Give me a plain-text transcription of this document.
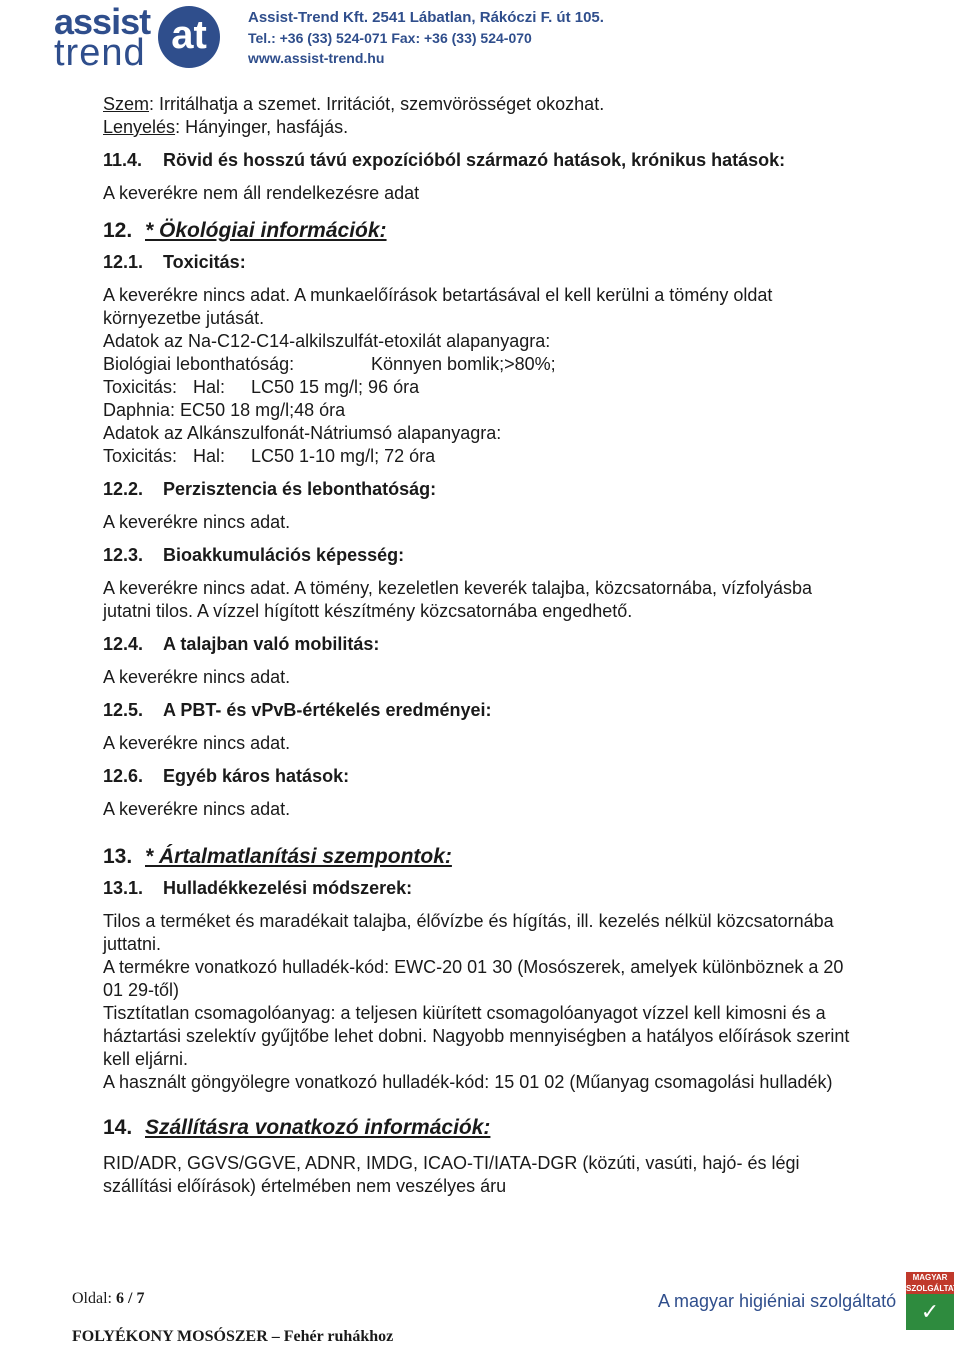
assist
trend at	Assist-Trend Kft. 2541 Lábatlan, Rákóczi F. út 105.
Tel.: +36 (33) 524-071 Fax: +36 (33) 524-070
www.assist-trend.hu
Szem: Irritálhatja a szemet. Irritációt, szemvörösséget okozhat.
Lenyelés: Hányinger, hasfájás.
11.4. Rövid és hosszú távú expozícióból származó hatások, krónikus hatások:
A keverékre nem áll rendelkezésre adat
12. * Ökológiai információk:
12.1. Toxicitás:
A keverékre nincs adat. A munkaelőírások betartásával el kell kerülni a tömény oldat
környezetbe jutását.
Adatok az Na-C12-C14-alkilszulfát-etoxilát alapanyagra:
Biológiai lebonthatóság:	Könnyen bomlik;>80%;
Toxicitás: Hal: LC50 15 mg/l; 96 óra
Daphnia: EC50 18 mg/l;48 óra
Adatok az Alkánszulfonát-Nátriumsó alapanyagra:
Toxicitás: Hal: LC50 1-10 mg/l; 72 óra
12.2. Perzisztencia és lebonthatóság:
A keverékre nincs adat.
12.3. Bioakkumulációs képesség:
A keverékre nincs adat. A tömény, kezeletlen keverék talajba, közcsatornába, vízfolyásba
jutatni tilos. A vízzel hígított készítmény közcsatornába engedhető.
12.4. A talajban való mobilitás:
A keverékre nincs adat.
12.5. A PBT- és vPvB-értékelés eredményei:
A keverékre nincs adat.
12.6. Egyéb káros hatások:
A keverékre nincs adat.
13. * Ártalmatlanítási szempontok:
13.1. Hulladékkezelési módszerek:
Tilos a terméket és maradékait talajba, élővízbe és hígítás, ill. kezelés nélkül közcsatornába
juttatni.
A termékre vonatkozó hulladék-kód: EWC-20 01 30 (Mosószerek, amelyek különböznek a 20
01 29-től)
Tisztítatlan csomagolóanyag: a teljesen kiürített csomagolóanyagot vízzel kell kimosni és a
háztartási szelektív gyűjtőbe lehet dobni. Nagyobb mennyiségben a hatályos előírások szerint
kell eljárni.
A használt göngyölegre vonatkozó hulladék-kód: 15 01 02 (Műanyag csomagolási hulladék)
14. Szállításra vonatkozó információk:
RID/ADR, GGVS/GGVE, ADNR, IMDG, ICAO-TI/IATA-DGR (közúti, vasúti, hajó- és légi
szállítási előírások) értelmében nem veszélyes áru
Oldal: 6 / 7
FOLYÉKONY MOSÓSZER – Fehér ruhákhoz
A magyar higiéniai szolgáltató
MAGYAR SZOLGÁLTATÁS
✓
